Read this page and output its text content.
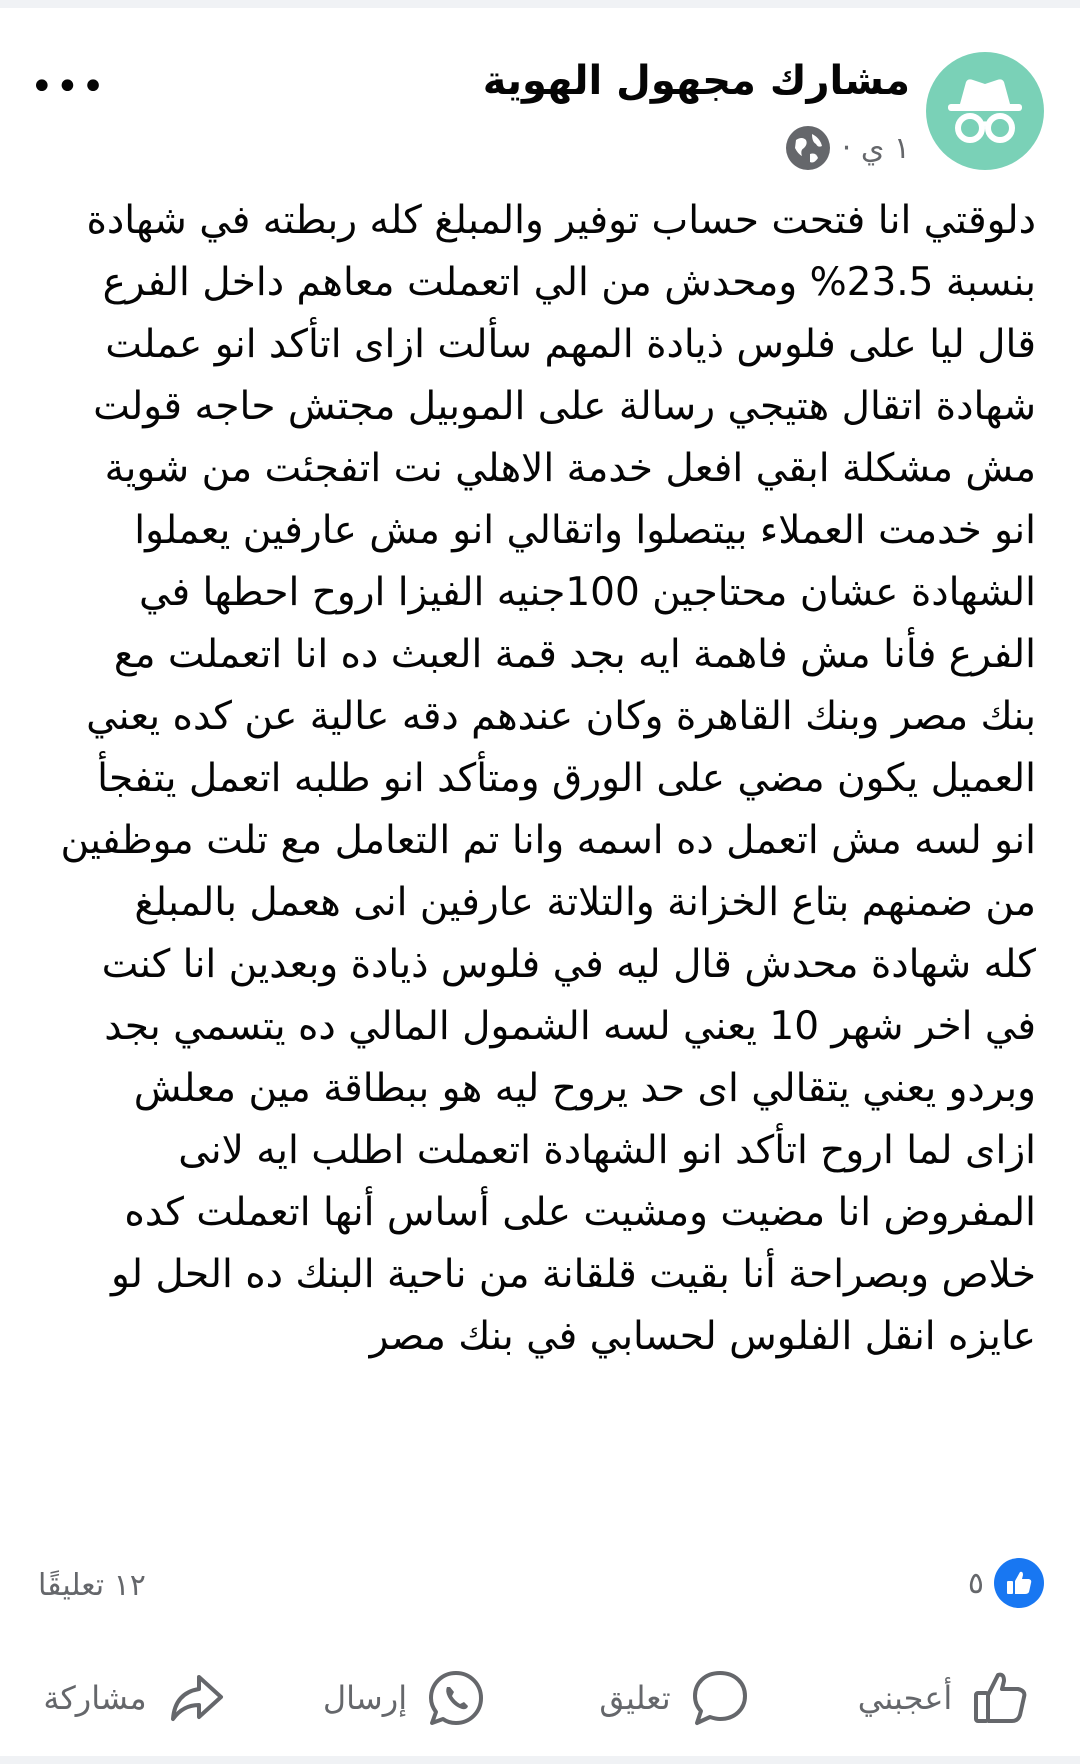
مشارك مجهول الهوية
١ ي ·
•••
دلوقتي انا فتحت حساب توفير والمبلغ كله ربطته في شهادة
بنسبة 23.5% ومحدش من الي اتعملت معاهم داخل الفرع
قال ليا على فلوس ذيادة المهم سألت ازاى اتأكد انو عملت
شهادة اتقال هتيجي رسالة على الموبيل مجتش حاجه قولت
مش مشكلة ابقي افعل خدمة الاهلي نت اتفجئت من شوية
انو خدمت العملاء بيتصلوا واتقالي انو مش عارفين يعملوا
الشهادة عشان محتاجين 100جنيه الفيزا اروح احطها في
الفرع فأنا مش فاهمة ايه بجد قمة العبث ده انا اتعملت مع
بنك مصر وبنك القاهرة وكان عندهم دقه عالية عن كده يعني
العميل يكون مضي على الورق ومتأكد انو طلبه اتعمل يتفجأ
انو لسه مش اتعمل ده اسمه وانا تم التعامل مع تلت موظفين
من ضمنهم بتاع الخزانة والتلاتة عارفين انى هعمل بالمبلغ
كله شهادة محدش قال ليه في فلوس ذيادة وبعدين انا كنت
في اخر شهر 10 يعني لسه الشمول المالي ده يتسمي بجد
وبردو يعني يتقالي اى حد يروح ليه هو ببطاقة مين معلش
ازاى لما اروح اتأكد انو الشهادة اتعملت اطلب ايه لانى
المفروض انا مضيت ومشيت على أساس أنها اتعملت كده
خلاص وبصراحة أنا بقيت قلقانة من ناحية البنك ده الحل لو
عايزه انقل الفلوس لحسابي في بنك مصر
٥
١٢ تعليقًا
أعجبني
تعليق
إرسال
مشاركة
